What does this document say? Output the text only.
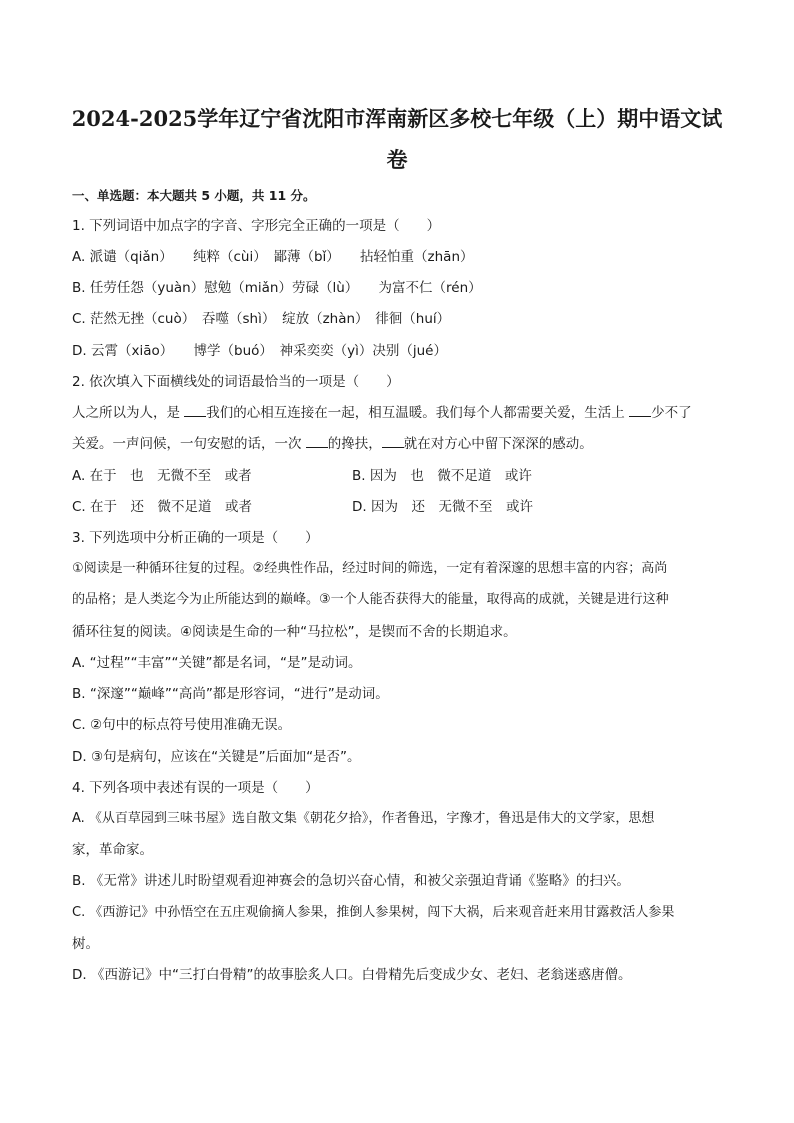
2024-2025学年辽宁省沈阳市浑南新区多校七年级（上）期中语文试
卷
一、单选题：本大题共 5 小题，共 11 分。
1. 下列词语中加点字的字音、字形完全正确的一项是（　　）
A. 派谴（qiǎn）　　纯粹（cùi）　鄙薄（bǐ）　　拈轻怕重（zhān）
B. 任劳任怨（yuàn）慰勉（miǎn）劳碌（lù）　　为富不仁（rén）
C. 茫然无挫（cuò）　吞噬（shì）　绽放（zhàn）　徘徊（huí）
D. 云霄（xiāo）　　博学（buó）　神采奕奕（yì）决别（jué）
2. 依次填入下面横线处的词语最恰当的一项是（　　）
人之所以为人，是 我们的心相互连接在一起，相互温暖。我们每个人都需要关爱，生活上 少不了
关爱。一声问候，一句安慰的话，一次 的搀扶， 就在对方心中留下深深的感动。
A. 在于　也　无微不至　或者	B. 因为　也　微不足道　或许
C. 在于　还　微不足道　或者	D. 因为　还　无微不至　或许
3. 下列选项中分析正确的一项是（　　）
①阅读是一种循环往复的过程。②经典性作品，经过时间的筛选，一定有着深邃的思想丰富的内容；高尚
的品格；是人类迄今为止所能达到的巅峰。③一个人能否获得大的能量，取得高的成就，关键是进行这种
循环往复的阅读。④阅读是生命的一种“马拉松”，是锲而不舍的长期追求。
A. “过程”“丰富”“关键”都是名词，“是”是动词。
B. “深邃”“巅峰”“高尚”都是形容词，“进行”是动词。
C. ②句中的标点符号使用准确无误。
D. ③句是病句，应该在“关键是”后面加“是否”。
4. 下列各项中表述有误的一项是（　　）
A. 《从百草园到三味书屋》选自散文集《朝花夕拾》，作者鲁迅，字豫才，鲁迅是伟大的文学家，思想
家，革命家。
B. 《无常》讲述儿时盼望观看迎神赛会的急切兴奋心情，和被父亲强迫背诵《鉴略》的扫兴。
C. 《西游记》中孙悟空在五庄观偷摘人参果，推倒人参果树，闯下大祸，后来观音赶来用甘露救活人参果
树。
D. 《西游记》中“三打白骨精”的故事脍炙人口。白骨精先后变成少女、老妇、老翁迷惑唐僧。
